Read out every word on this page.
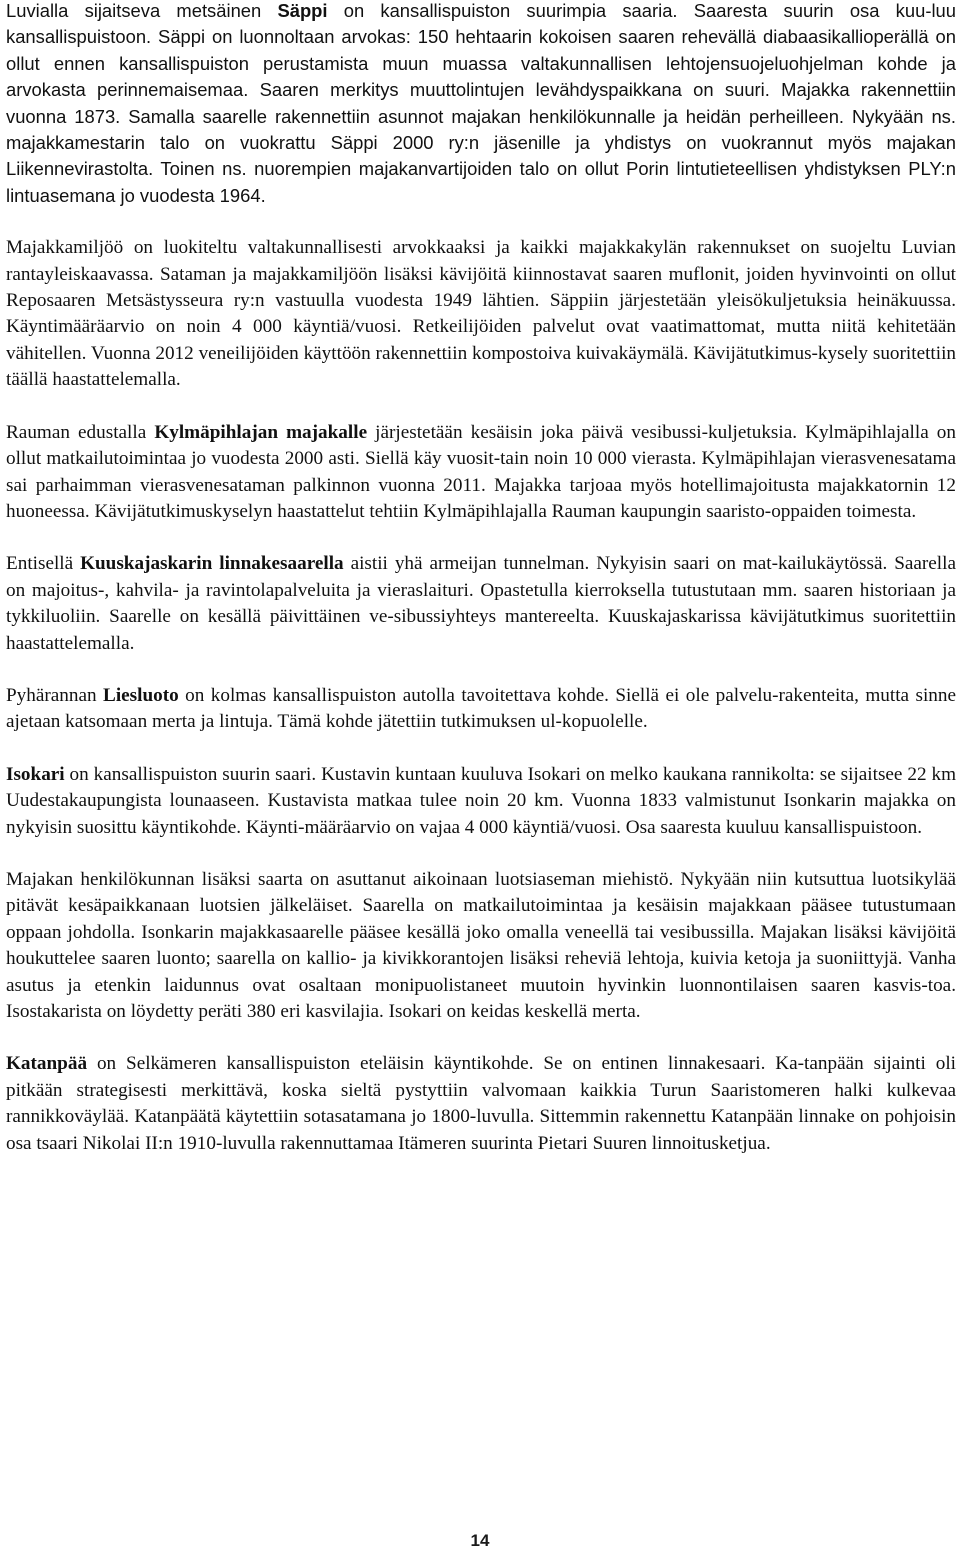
Luvialla sijaitseva metsäinen Säppi on kansallispuiston suurimpia saaria. Saaresta suurin osa kuu-luu kansallispuistoon. Säppi on luonnoltaan arvokas: 150 hehtaarin kokoisen saaren rehevällä diabaasikallioperällä on ollut ennen kansallispuiston perustamista muun muassa valtakunnallisen lehtojensuojeluohjelman kohde ja arvokasta perinnemaisemaa. Saaren merkitys muuttolintujen levähdyspaikkana on suuri. Majakka rakennettiin vuonna 1873. Samalla saarelle rakennettiin asunnot majakan henkilökunnalle ja heidän perheilleen. Nykyään ns. majakkamestarin talo on vuokrattu Säppi 2000 ry:n jäsenille ja yhdistys on vuokrannut myös majakan Liikennevirastolta. Toinen ns. nuorempien majakanvartijoiden talo on ollut Porin lintutieteellisen yhdistyksen PLY:n lintuasemana jo vuodesta 1964.

Majakkamiljöö on luokiteltu valtakunnallisesti arvokkaaksi ja kaikki majakkakylän rakennukset on suojeltu Luvian rantayleiskaavassa. Sataman ja majakkamiljöön lisäksi kävijöitä kiinnostavat saaren muflonit, joiden hyvinvointi on ollut Reposaaren Metsästysseura ry:n vastuulla vuodesta 1949 lähtien. Säppiin järjestetään yleisökuljetuksia heinäkuussa. Käyntimääräarvio on noin 4 000 käyntiä/vuosi. Retkeilijöiden palvelut ovat vaatimattomat, mutta niitä kehitetään vähitellen. Vuonna 2012 veneilijöiden käyttöön rakennettiin kompostoiva kuivakäymälä. Kävijätutkimus-kysely suoritettiin täällä haastattelemalla.

Rauman edustalla Kylmäpihlajan majakalle järjestetään kesäisin joka päivä vesibussi-kuljetuksia. Kylmäpihlajalla on ollut matkailutoimintaa jo vuodesta 2000 asti. Siellä käy vuosit-tain noin 10 000 vierasta. Kylmäpihlajan vierasvenesatama sai parhaimman vierasvenesataman palkinnon vuonna 2011. Majakka tarjoaa myös hotellimajoitusta majakkatornin 12 huoneessa. Kävijätutkimuskyselyn haastattelut tehtiin Kylmäpihlajalla Rauman kaupungin saaristo-oppaiden toimesta.

Entisellä Kuuskajaskarin linnakesaarella aistii yhä armeijan tunnelman. Nykyisin saari on mat-kailukäytössä. Saarella on majoitus-, kahvila- ja ravintolapalveluita ja vieraslaituri. Opastetulla kierroksella tutustutaan mm. saaren historiaan ja tykkiluoliin. Saarelle on kesällä päivittäinen ve-sibussiyhteys mantereelta. Kuuskajaskarissa kävijätutkimus suoritettiin haastattelemalla.

Pyhärannan Liesluoto on kolmas kansallispuiston autolla tavoitettava kohde. Siellä ei ole palvelu-rakenteita, mutta sinne ajetaan katsomaan merta ja lintuja. Tämä kohde jätettiin tutkimuksen ul-kopuolelle.

Isokari on kansallispuiston suurin saari. Kustavin kuntaan kuuluva Isokari on melko kaukana rannikolta: se sijaitsee 22 km Uudestakaupungista lounaaseen. Kustavista matkaa tulee noin 20 km. Vuonna 1833 valmistunut Isonkarin majakka on nykyisin suosittu käyntikohde. Käynti-määräarvio on vajaa 4 000 käyntiä/vuosi. Osa saaresta kuuluu kansallispuistoon.

Majakan henkilökunnan lisäksi saarta on asuttanut aikoinaan luotsiaseman miehistö. Nykyään niin kutsuttua luotsikylää pitävät kesäpaikkanaan luotsien jälkeläiset. Saarella on matkailutoimintaa ja kesäisin majakkaan pääsee tutustumaan oppaan johdolla. Isonkarin majakkasaarelle pääsee kesällä joko omalla veneellä tai vesibussilla. Majakan lisäksi kävijöitä houkuttelee saaren luonto; saarella on kallio- ja kivikkorantojen lisäksi reheviä lehtoja, kuivia ketoja ja suoniittyjä. Vanha asutus ja etenkin laidunnus ovat osaltaan monipuolistaneet muutoin hyvinkin luonnontilaisen saaren kasvis-toa. Isostakarista on löydetty peräti 380 eri kasvilajia. Isokari on keidas keskellä merta.

Katanpää on Selkämeren kansallispuiston eteläisin käyntikohde. Se on entinen linnakesaari. Ka-tanpään sijainti oli pitkään strategisesti merkittävä, koska sieltä pystyttiin valvomaan kaikkia Turun Saaristomeren halki kulkevaa rannikkoväylää. Katanpäätä käytettiin sotasatamana jo 1800-luvulla. Sittemmin rakennettu Katanpään linnake on pohjoisin osa tsaari Nikolai II:n 1910-luvulla rakennuttamaa Itämeren suurinta Pietari Suuren linnoitusketjua.

14
